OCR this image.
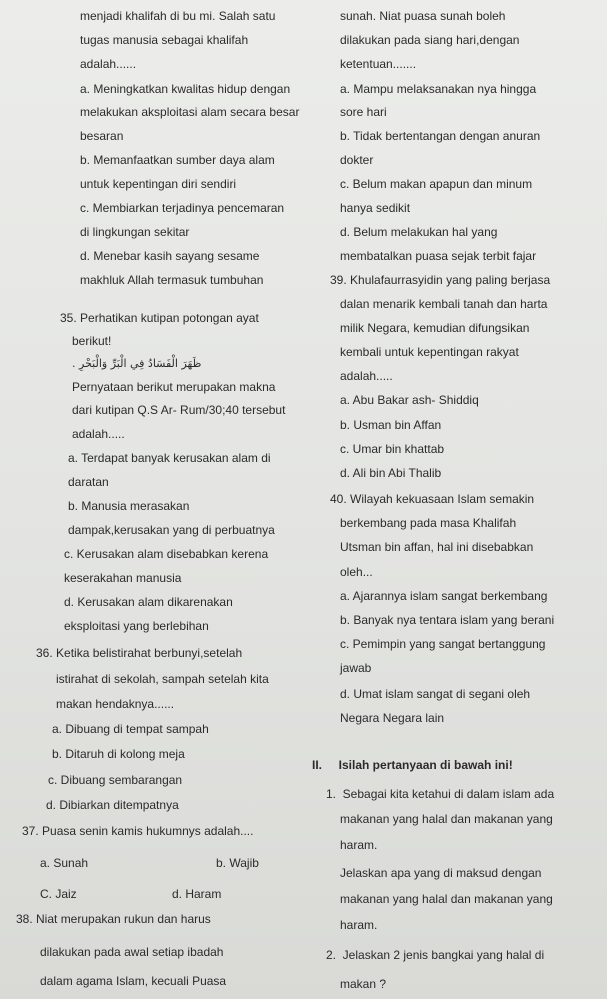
menjadi khalifah di bu mi. Salah satu
tugas manusia sebagai khalifah
adalah......
a. Meningkatkan kwalitas hidup dengan
melakukan aksploitasi alam secara besar
besaran
b. Memanfaatkan sumber daya alam
untuk kepentingan diri sendiri
c. Membiarkan terjadinya pencemaran
di lingkungan sekitar
d. Menebar kasih sayang sesame
makhluk Allah termasuk tumbuhan
35. Perhatikan kutipan potongan ayat
berikut!
ظَهَرَ الْفَسَادُ فِي الْبَرِّ وَالْبَحْرِ .
Pernyataan berikut merupakan makna
dari kutipan Q.S Ar- Rum/30;40 tersebut
adalah.....
a. Terdapat banyak kerusakan alam di
daratan
b. Manusia merasakan
dampak,kerusakan yang di perbuatnya
c. Kerusakan alam disebabkan kerena
keserakahan manusia
d. Kerusakan alam dikarenakan
eksploitasi yang berlebihan
36. Ketika belistirahat berbunyi,setelah
istirahat di sekolah, sampah setelah kita
makan hendaknya......
a. Dibuang di tempat sampah
b. Ditaruh di kolong meja
c. Dibuang sembarangan
d. Dibiarkan ditempatnya
37. Puasa senin kamis hukumnys adalah....
a. Sunah	b. Wajib
C. Jaiz	d. Haram
38. Niat merupakan rukun dan harus
dilakukan pada awal setiap ibadah
dalam agama Islam, kecuali Puasa
sunah. Niat puasa sunah boleh
dilakukan pada siang hari,dengan
ketentuan.......
a. Mampu melaksanakan nya hingga
sore hari
b. Tidak bertentangan dengan anuran
dokter
c. Belum makan apapun dan minum
hanya sedikit
d. Belum melakukan hal yang
membatalkan puasa sejak terbit fajar
39. Khulafaurrasyidin yang paling berjasa
dalan menarik kembali tanah dan harta
milik Negara, kemudian difungsikan
kembali untuk kepentingan rakyat
adalah.....
a. Abu Bakar ash- Shiddiq
b. Usman bin Affan
c. Umar bin khattab
d. Ali bin Abi Thalib
40. Wilayah kekuasaan Islam semakin
berkembang pada masa Khalifah
Utsman bin affan, hal ini disebabkan
oleh...
a. Ajarannya islam sangat berkembang
b. Banyak nya tentara islam yang berani
c. Pemimpin yang sangat bertanggung
jawab
d. Umat islam sangat di segani oleh
Negara Negara lain
II.     Isilah pertanyaan di bawah ini!
1.  Sebagai kita ketahui di dalam islam ada
makanan yang halal dan makanan yang
haram.
Jelaskan apa yang di maksud dengan
makanan yang halal dan makanan yang
haram.
2.  Jelaskan 2 jenis bangkai yang halal di
makan ?
